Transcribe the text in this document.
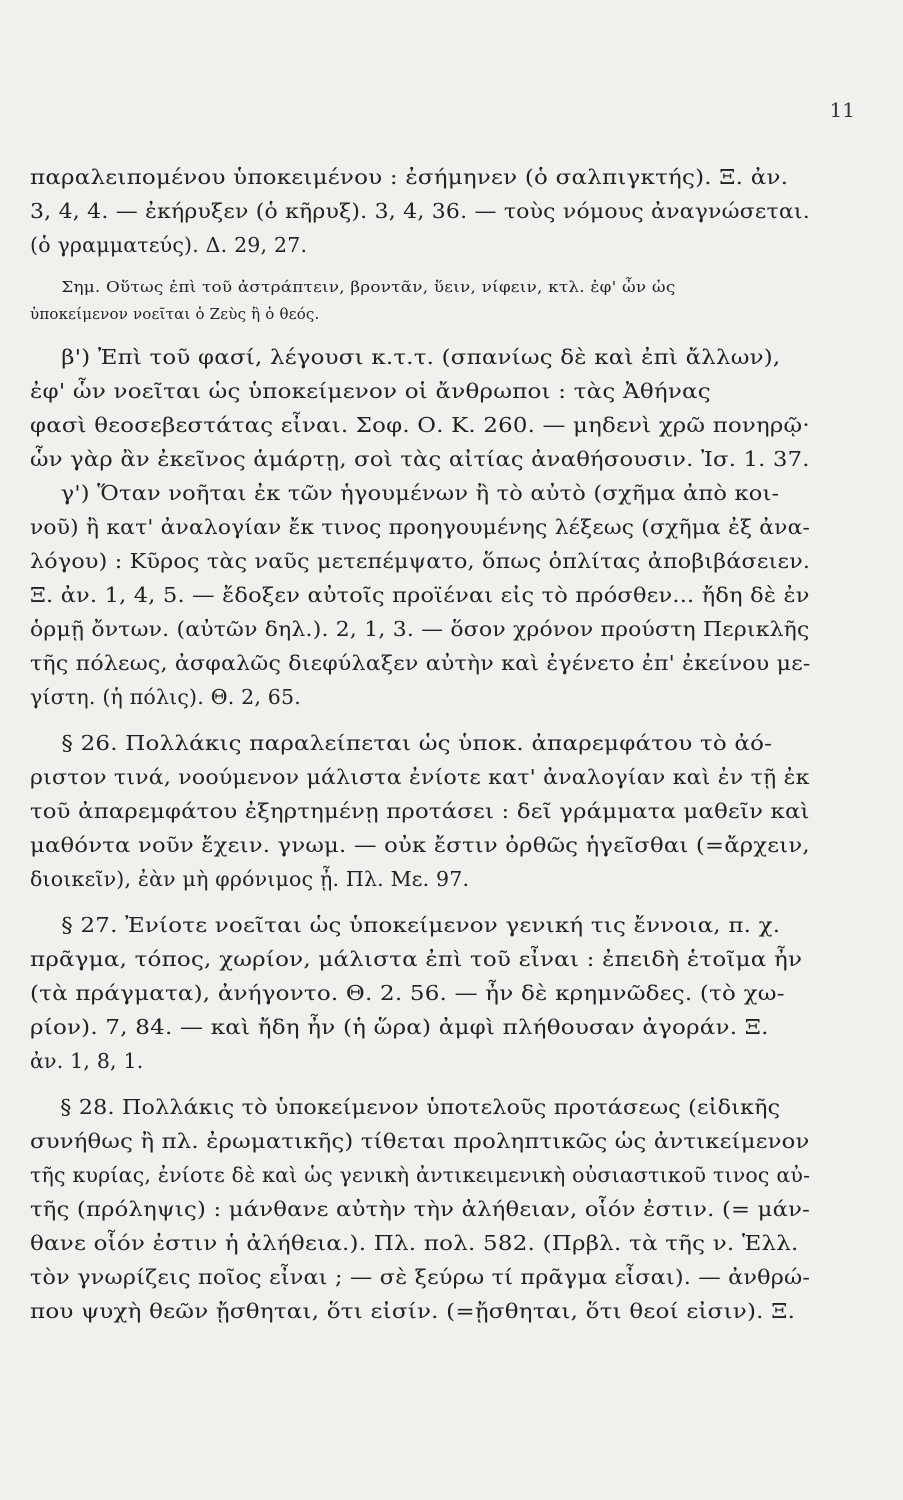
11
παραλειπομένου ὑποκειμένου : ἐσήμηνεν (ὁ σαλπιγκτής). Ξ. ἀν.
3, 4, 4. — ἐκήρυξεν (ὁ κῆρυξ). 3, 4, 36. — τοὺς νόμους ἀναγνώσεται.
(ὁ γραμματεύς). Δ. 29, 27.
Σημ. Οὕτως ἐπὶ τοῦ ἀστράπτειν, βροντᾶν, ὕειν, νίφειν, κτλ. ἐφ' ὧν ὡς
ὑποκείμενον νοεῖται ὁ Ζεὺς ἢ ὁ θεός.
β') Ἐπὶ τοῦ φασί, λέγουσι κ.τ.τ. (σπανίως δὲ καὶ ἐπὶ ἄλλων),
ἐφ' ὧν νοεῖται ὡς ὑποκείμενον οἱ ἄνθρωποι : τὰς Ἀθήνας
φασὶ θεοσεβεστάτας εἶναι. Σοφ. Ο. Κ. 260. — μηδενὶ χρῶ πονηρῷ·
ὧν γὰρ ἂν ἐκεῖνος ἁμάρτῃ, σοὶ τὰς αἰτίας ἀναθήσουσιν. Ἰσ. 1. 37.
γ') Ὅταν νοῆται ἐκ τῶν ἡγουμένων ἢ τὸ αὐτὸ (σχῆμα ἀπὸ κοι-
νοῦ) ἢ κατ' ἀναλογίαν ἔκ τινος προηγουμένης λέξεως (σχῆμα ἐξ ἀνα-
λόγου) : Κῦρος τὰς ναῦς μετεπέμψατο, ὅπως ὁπλίτας ἀποβιβάσειεν.
Ξ. ἀν. 1, 4, 5. — ἔδοξεν αὐτοῖς προϊέναι εἰς τὸ πρόσθεν... ἤδη δὲ ἐν
ὁρμῇ ὄντων. (αὐτῶν δηλ.). 2, 1, 3. — ὅσον χρόνον προύστη Περικλῆς
τῆς πόλεως, ἀσφαλῶς διεφύλαξεν αὐτὴν καὶ ἐγένετο ἐπ' ἐκείνου με-
γίστη. (ἡ πόλις). Θ. 2, 65.
§ 26. Πολλάκις παραλείπεται ὡς ὑποκ. ἀπαρεμφάτου τὸ ἀό-
ριστον τινά, νοούμενον μάλιστα ἐνίοτε κατ' ἀναλογίαν καὶ ἐν τῇ ἐκ
τοῦ ἀπαρεμφάτου ἐξηρτημένῃ προτάσει : δεῖ γράμματα μαθεῖν καὶ
μαθόντα νοῦν ἔχειν. γνωμ. — οὐκ ἔστιν ὀρθῶς ἡγεῖσθαι (=ἄρχειν,
διοικεῖν), ἐὰν μὴ φρόνιμος ᾖ. Πλ. Με. 97.
§ 27. Ἐνίοτε νοεῖται ὡς ὑποκείμενον γενική τις ἔννοια, π. χ.
πρᾶγμα, τόπος, χωρίον, μάλιστα ἐπὶ τοῦ εἶναι : ἐπειδὴ ἑτοῖμα ἦν
(τὰ πράγματα), ἀνήγοντο. Θ. 2. 56. — ἦν δὲ κρημνῶδες. (τὸ χω-
ρίον). 7, 84. — καὶ ἤδη ἦν (ἡ ὥρα) ἀμφὶ πλήθουσαν ἀγοράν. Ξ.
ἀν. 1, 8, 1.
§ 28. Πολλάκις τὸ ὑποκείμενον ὑποτελοῦς προτάσεως (εἰδικῆς
συνήθως ἢ πλ. ἐρωματικῆς) τίθεται προληπτικῶς ὡς ἀντικείμενον
τῆς κυρίας, ἐνίοτε δὲ καὶ ὡς γενικὴ ἀντικειμενικὴ οὐσιαστικοῦ τινος αὐ-
τῆς (πρόληψις) : μάνθανε αὐτὴν τὴν ἀλήθειαν, οἷόν ἐστιν. (= μάν-
θανε οἷόν ἐστιν ἡ ἀλήθεια.). Πλ. πολ. 582. (Πρβλ. τὰ τῆς ν. Ἑλλ.
τὸν γνωρίζεις ποῖος εἶναι ; — σὲ ξεύρω τί πρᾶγμα εἶσαι). — ἀνθρώ-
που ψυχὴ θεῶν ᾔσθηται, ὅτι εἰσίν. (=ᾔσθηται, ὅτι θεοί εἰσιν). Ξ.
